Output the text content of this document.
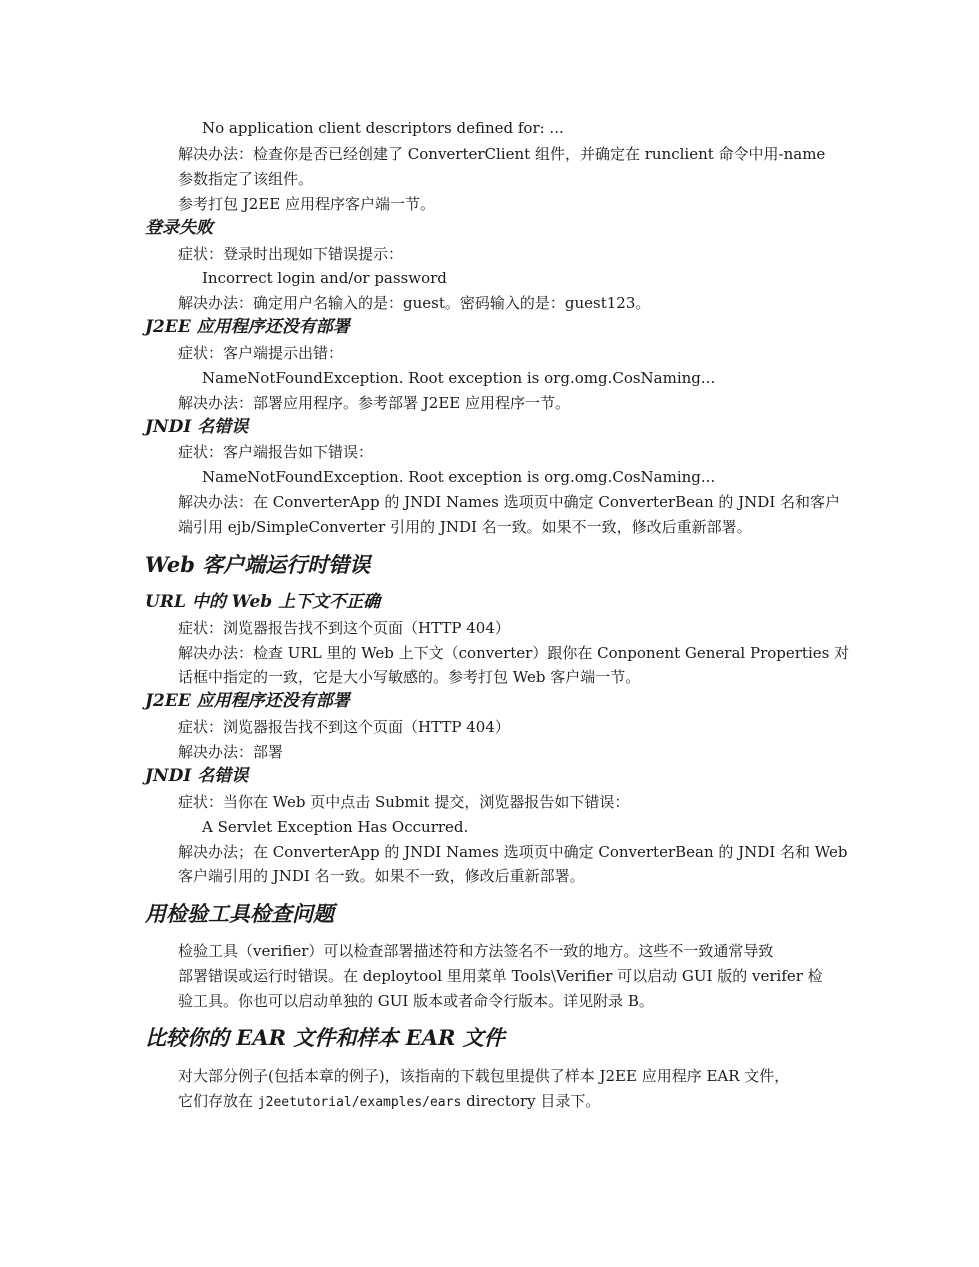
No application client descriptors defined for: ...
解决办法：检查你是否已经创建了 ConverterClient 组件，并确定在 runclient 命令中用-name
参数指定了该组件。
参考打包 J2EE 应用程序客户端一节。
登录失败
症状：登录时出现如下错误提示：
Incorrect login and/or password
解决办法：确定用户名输入的是：guest。密码输入的是：guest123。
J2EE 应用程序还没有部署
症状：客户端提示出错：
NameNotFoundException. Root exception is org.omg.CosNaming...
解决办法：部署应用程序。参考部署 J2EE 应用程序一节。
JNDI 名错误
症状：客户端报告如下错误：
NameNotFoundException. Root exception is org.omg.CosNaming...
解决办法：在 ConverterApp 的 JNDI Names 选项页中确定 ConverterBean 的 JNDI 名和客户
端引用 ejb/SimpleConverter 引用的 JNDI 名一致。如果不一致，修改后重新部署。
Web 客户端运行时错误
URL 中的 Web 上下文不正确
症状：浏览器报告找不到这个页面（HTTP 404）
解决办法：检查 URL 里的 Web 上下文（converter）跟你在 Conponent General Properties 对
话框中指定的一致，它是大小写敏感的。参考打包 Web 客户端一节。
J2EE 应用程序还没有部署
症状：浏览器报告找不到这个页面（HTTP 404）
解决办法：部署
JNDI 名错误
症状：当你在 Web 页中点击 Submit 提交，浏览器报告如下错误：
A Servlet Exception Has Occurred.
解决办法；在 ConverterApp 的 JNDI Names 选项页中确定 ConverterBean 的 JNDI 名和 Web
客户端引用的 JNDI 名一致。如果不一致，修改后重新部署。
用检验工具检查问题
检验工具（verifier）可以检查部署描述符和方法签名不一致的地方。这些不一致通常导致
部署错误或运行时错误。在 deploytool 里用菜单 Tools\Verifier 可以启动 GUI 版的 verifer 检
验工具。你也可以启动单独的 GUI 版本或者命令行版本。详见附录 B。
比较你的 EAR 文件和样本 EAR 文件
对大部分例子(包括本章的例子)，该指南的下载包里提供了样本 J2EE 应用程序 EAR 文件，
它们存放在 j2eetutorial/examples/ears directory 目录下。
